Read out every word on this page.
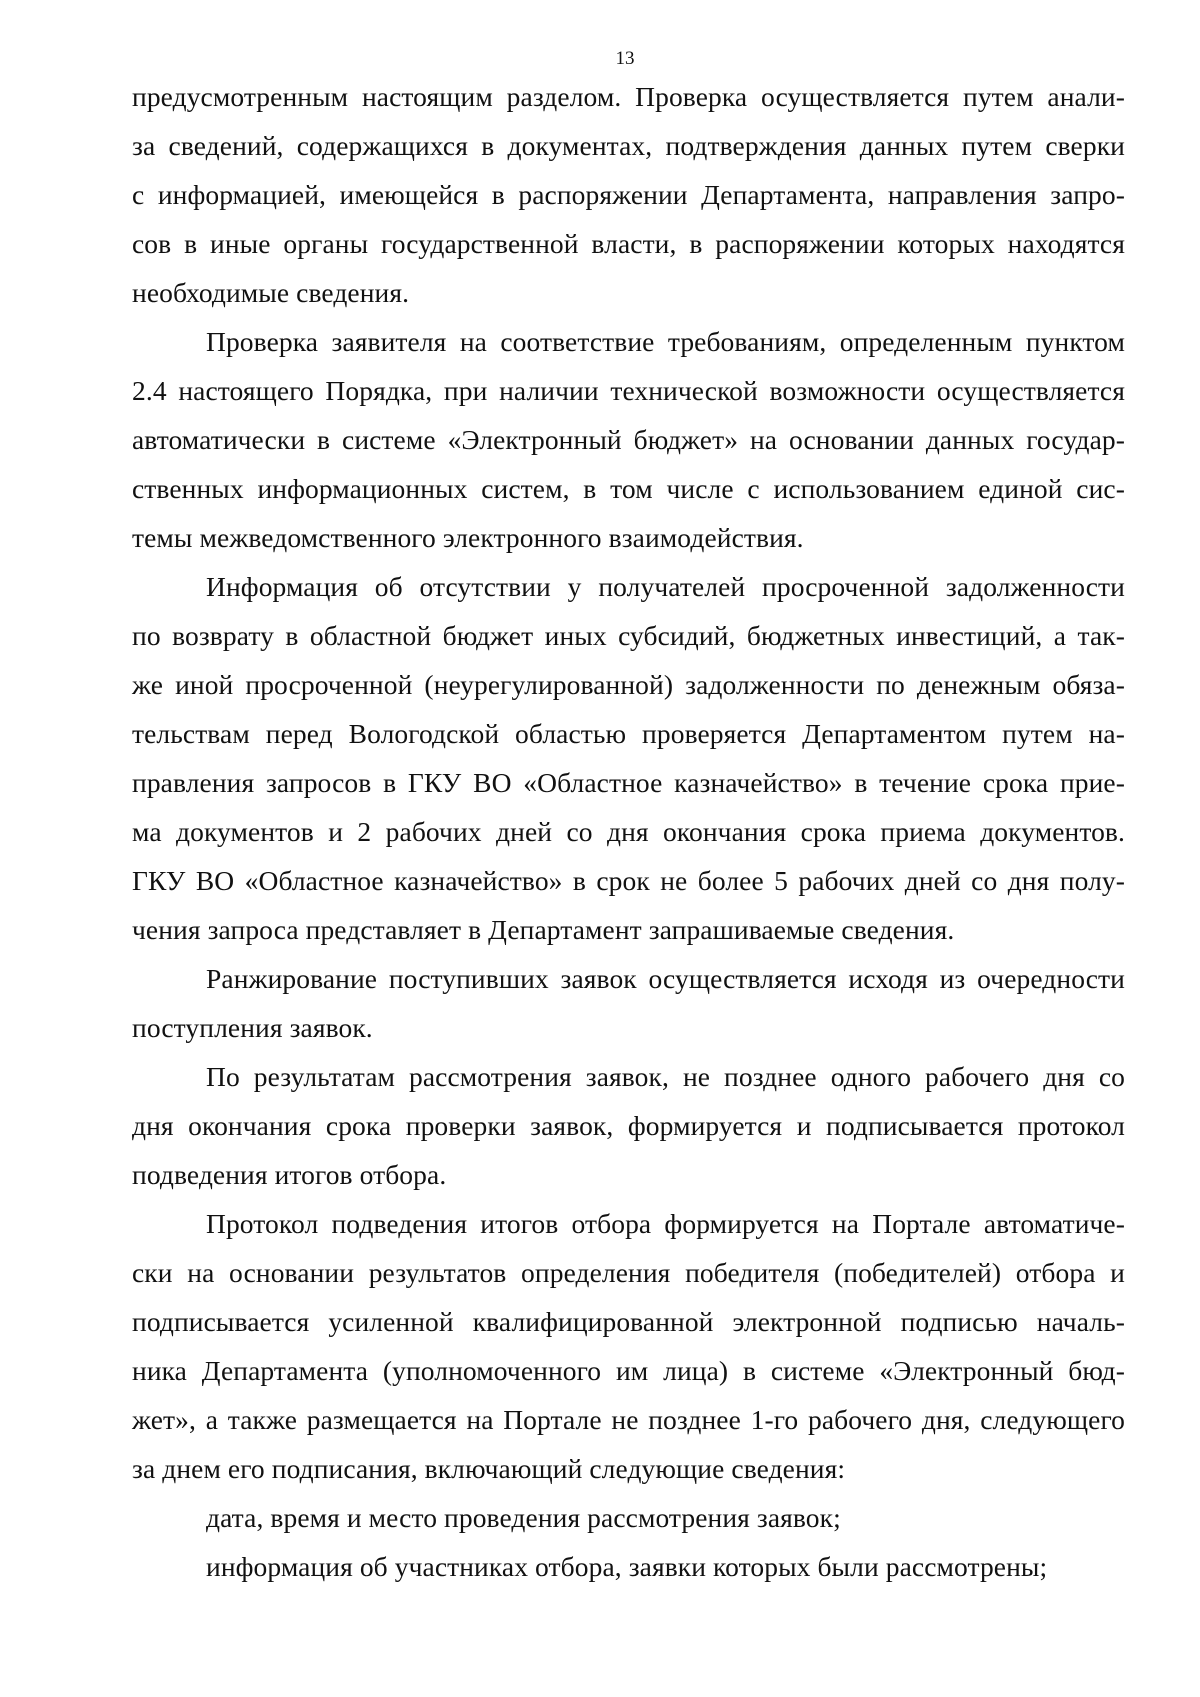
13
предусмотренным настоящим разделом. Проверка осуществляется путем анали-
за сведений, содержащихся в документах, подтверждения данных путем сверки
с информацией, имеющейся в распоряжении Департамента, направления запро-
сов в иные органы государственной власти, в распоряжении которых находятся
необходимые сведения.
Проверка заявителя на соответствие требованиям, определенным пунктом
2.4 настоящего Порядка, при наличии технической возможности осуществляется
автоматически в системе «Электронный бюджет» на основании данных государ-
ственных информационных систем, в том числе с использованием единой сис-
темы межведомственного электронного взаимодействия.
Информация об отсутствии у получателей просроченной задолженности
по возврату в областной бюджет иных субсидий, бюджетных инвестиций, а так-
же иной просроченной (неурегулированной) задолженности по денежным обяза-
тельствам перед Вологодской областью проверяется Департаментом путем на-
правления запросов в ГКУ ВО «Областное казначейство» в течение срока прие-
ма документов и 2 рабочих дней со дня окончания срока приема документов.
ГКУ ВО «Областное казначейство» в срок не более 5 рабочих дней со дня полу-
чения запроса представляет в Департамент запрашиваемые сведения.
Ранжирование поступивших заявок осуществляется исходя из очередности
поступления заявок.
По результатам рассмотрения заявок, не позднее одного рабочего дня со
дня окончания срока проверки заявок, формируется и подписывается протокол
подведения итогов отбора.
Протокол подведения итогов отбора формируется на Портале автоматиче-
ски на основании результатов определения победителя (победителей) отбора и
подписывается усиленной квалифицированной электронной подписью началь-
ника Департамента (уполномоченного им лица) в системе «Электронный бюд-
жет», а также размещается на Портале не позднее 1-го рабочего дня, следующего
за днем его подписания, включающий следующие сведения:
дата, время и место проведения рассмотрения заявок;
информация об участниках отбора, заявки которых были рассмотрены;
